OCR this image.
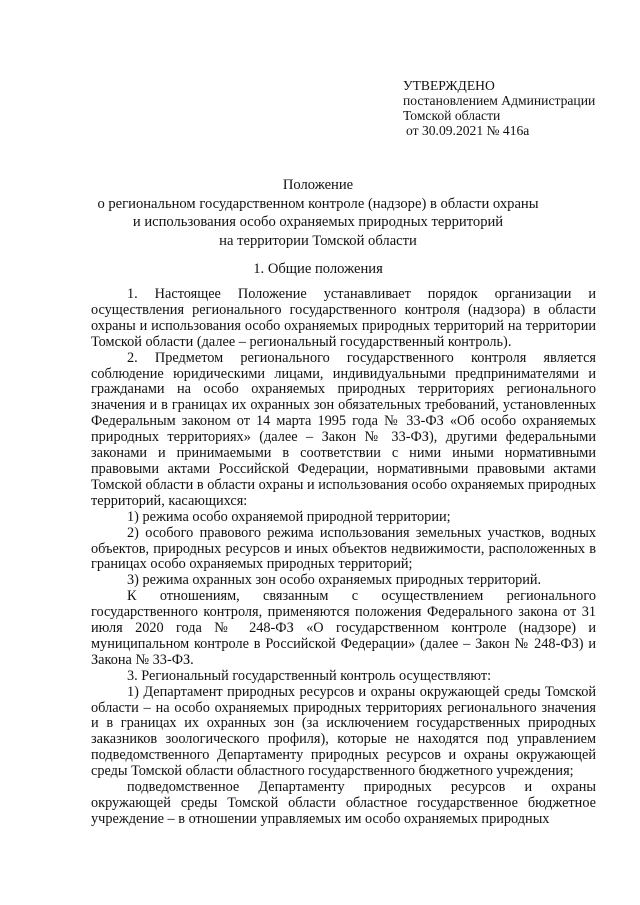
УТВЕРЖДЕНО
постановлением Администрации
Томской области
от 30.09.2021 № 416а
Положение
о региональном государственном контроле (надзоре) в области охраны
и использования особо охраняемых природных территорий
на территории Томской области
1. Общие положения

1. Настоящее Положение устанавливает порядок организации и осуществления регионального государственного контроля (надзора) в области охраны и использования особо охраняемых природных территорий на территории Томской области (далее – региональный государственный контроль).

2. Предметом регионального государственного контроля является соблюдение юридическими лицами, индивидуальными предпринимателями и гражданами на особо охраняемых природных территориях регионального значения и в границах их охранных зон обязательных требований, установленных Федеральным законом от 14 марта 1995 года № 33-ФЗ «Об особо охраняемых природных территориях» (далее – Закон № 33-ФЗ), другими федеральными законами и принимаемыми в соответствии с ними иными нормативными правовыми актами Российской Федерации, нормативными правовыми актами Томской области в области охраны и использования особо охраняемых природных территорий, касающихся:

1) режима особо охраняемой природной территории;

2) особого правового режима использования земельных участков, водных объектов, природных ресурсов и иных объектов недвижимости, расположенных в границах особо охраняемых природных территорий;

3) режима охранных зон особо охраняемых природных территорий.

К отношениям, связанным с осуществлением регионального государственного контроля, применяются положения Федерального закона от 31 июля 2020 года № 248-ФЗ «О государственном контроле (надзоре) и муниципальном контроле в Российской Федерации» (далее – Закон № 248-ФЗ) и Закона № 33-ФЗ.

3. Региональный государственный контроль осуществляют:

1) Департамент природных ресурсов и охраны окружающей среды Томской области – на особо охраняемых природных территориях регионального значения и в границах их охранных зон (за исключением государственных природных заказников зоологического профиля), которые не находятся под управлением подведомственного Департаменту природных ресурсов и охраны окружающей среды Томской области областного государственного бюджетного учреждения;

подведомственное Департаменту природных ресурсов и охраны окружающей среды Томской области областное государственное бюджетное учреждение – в отношении управляемых им особо охраняемых природных
